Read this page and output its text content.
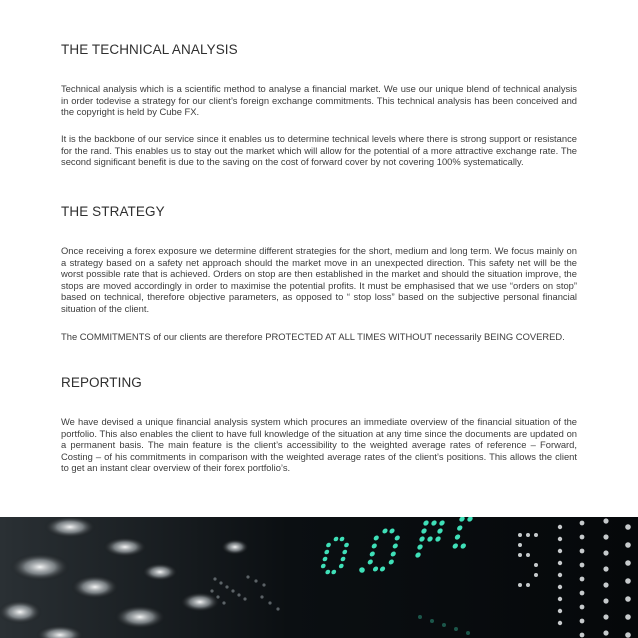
THE TECHNICAL ANALYSIS

Technical analysis which is a scientific method to analyse a financial market. We use our unique blend of technical analysis in order todevise a strategy for our client’s foreign exchange commitments. This technical analysis has been conceived and the copyright is held by Cube FX.

It is the backbone of our service since it enables us to determine technical levels where there is strong support or resistance for the rand. This enables us to stay out the market which will allow for the potential of a more attractive exchange rate. The second significant benefit is due to the saving on the cost of forward cover by not covering 100% systematically.

THE STRATEGY

Once receiving a forex exposure we determine different strategies for the short, medium and long term. We focus mainly on a strategy based on a safety net approach should the market move in an unexpected direction. This safety net will be the worst possible rate that is achieved. Orders on stop are then established in the market and should the situation improve, the stops are moved accordingly in order to maximise the potential profits. It must be emphasised that we use “orders on stop” based on technical, therefore objective parameters, as opposed to “ stop loss” based on the subjective personal financial situation of the client.

The COMMITMENTS of our clients are therefore PROTECTED AT ALL TIMES WITHOUT necessarily BEING COVERED.

REPORTING

We have devised a unique financial analysis system which procures an immediate overview of the financial situation of the portfolio. This also enables the client to have full knowledge of the situation at any time since the documents are updated on a permanent basis. The main feature is the client’s accessibility to the weighted average rates of reference – Forward, Costing – of his commitments in comparison with the weighted average rates of the client’s positions. This allows the client to get an instant clear overview of their forex portfolio’s.
